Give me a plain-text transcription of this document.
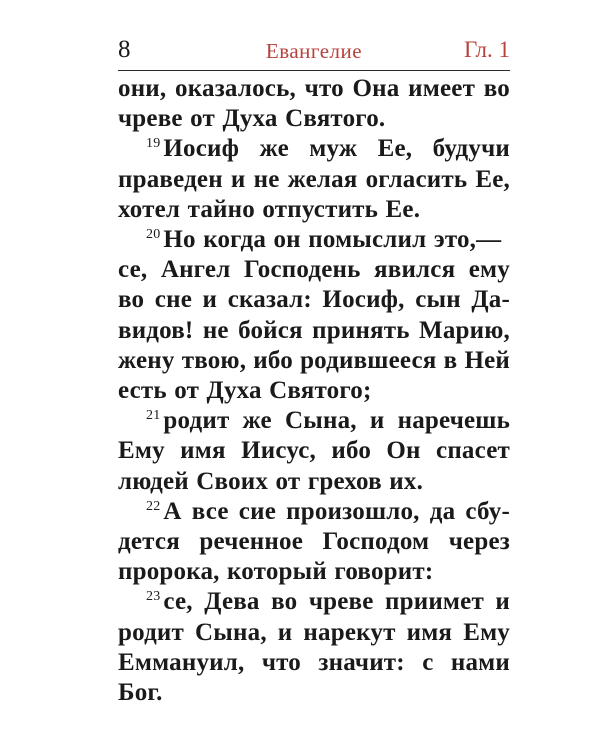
8	Евангелие	Гл. 1
они, оказалось, что Она имеет во
чреве от Духа Святого.
$^{19}$ Иосиф же муж Ее, будучи
праведен и не желая огласить Ее,
хотел тайно отпустить Ее.
$^{20}$ Но когда он помыслил это,—
се, Ангел Господень явился ему
во сне и сказал: Иосиф, сын Да-
видов! не бойся принять Марию,
жену твою, ибо родившееся в Ней
есть от Духа Святого;
$^{21}$ родит же Сына, и наречешь
Ему имя Иисус, ибо Он спасет
людей Своих от грехов их.
$^{22}$ А все сие произошло, да сбу-
дется реченное Господом через
пророка, который говорит:
$^{23}$ се, Дева во чреве приимет и
родит Сына, и нарекут имя Ему
Еммануил, что значит: с нами
Бог.
